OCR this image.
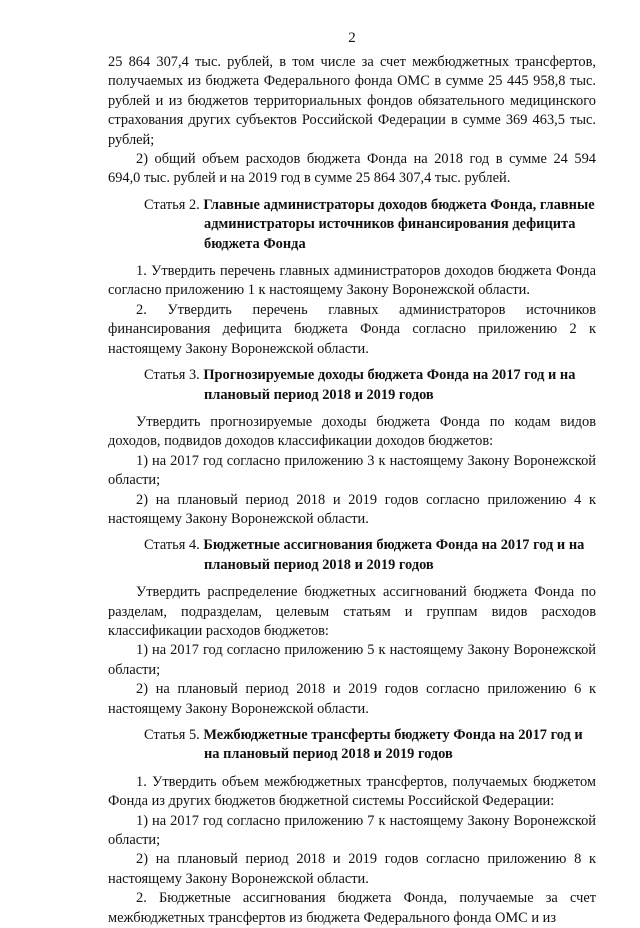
2

25 864 307,4 тыс. рублей, в том числе за счет межбюджетных трансфертов, получаемых из бюджета Федерального фонда ОМС в сумме 25 445 958,8 тыс. рублей и из бюджетов территориальных фондов обязательного медицинского страхования других субъектов Российской Федерации в сумме 369 463,5 тыс. рублей;

2) общий объем расходов бюджета Фонда на 2018 год в сумме 24 594 694,0 тыс. рублей и на 2019 год в сумме 25 864 307,4 тыс. рублей.

Статья 2. Главные администраторы доходов бюджета Фонда, главные администраторы источников финансирования дефицита бюджета Фонда

1. Утвердить перечень главных администраторов доходов бюджета Фонда согласно приложению 1 к настоящему Закону Воронежской области.

2. Утвердить перечень главных администраторов источников финансирования дефицита бюджета Фонда согласно приложению 2 к настоящему Закону Воронежской области.

Статья 3. Прогнозируемые доходы бюджета Фонда на 2017 год и на плановый период 2018 и 2019 годов

Утвердить прогнозируемые доходы бюджета Фонда по кодам видов доходов, подвидов доходов классификации доходов бюджетов:

1) на 2017 год согласно приложению 3 к настоящему Закону Воронежской области;

2) на плановый период 2018 и 2019 годов согласно приложению 4 к настоящему Закону Воронежской области.

Статья 4. Бюджетные ассигнования бюджета Фонда на 2017 год и на плановый период 2018 и 2019 годов

Утвердить распределение бюджетных ассигнований бюджета Фонда по разделам, подразделам, целевым статьям и группам видов расходов классификации расходов бюджетов:

1) на 2017 год согласно приложению 5 к настоящему Закону Воронежской области;

2) на плановый период 2018 и 2019 годов согласно приложению 6 к настоящему Закону Воронежской области.

Статья 5. Межбюджетные трансферты бюджету Фонда на 2017 год и на плановый период 2018 и 2019 годов

1. Утвердить объем межбюджетных трансфертов, получаемых бюджетом Фонда из других бюджетов бюджетной системы Российской Федерации:

1) на 2017 год согласно приложению 7 к настоящему Закону Воронежской области;

2) на плановый период 2018 и 2019 годов согласно приложению 8 к настоящему Закону Воронежской области.

2. Бюджетные ассигнования бюджета Фонда, получаемые за счет межбюджетных трансфертов из бюджета Федерального фонда ОМС и из
